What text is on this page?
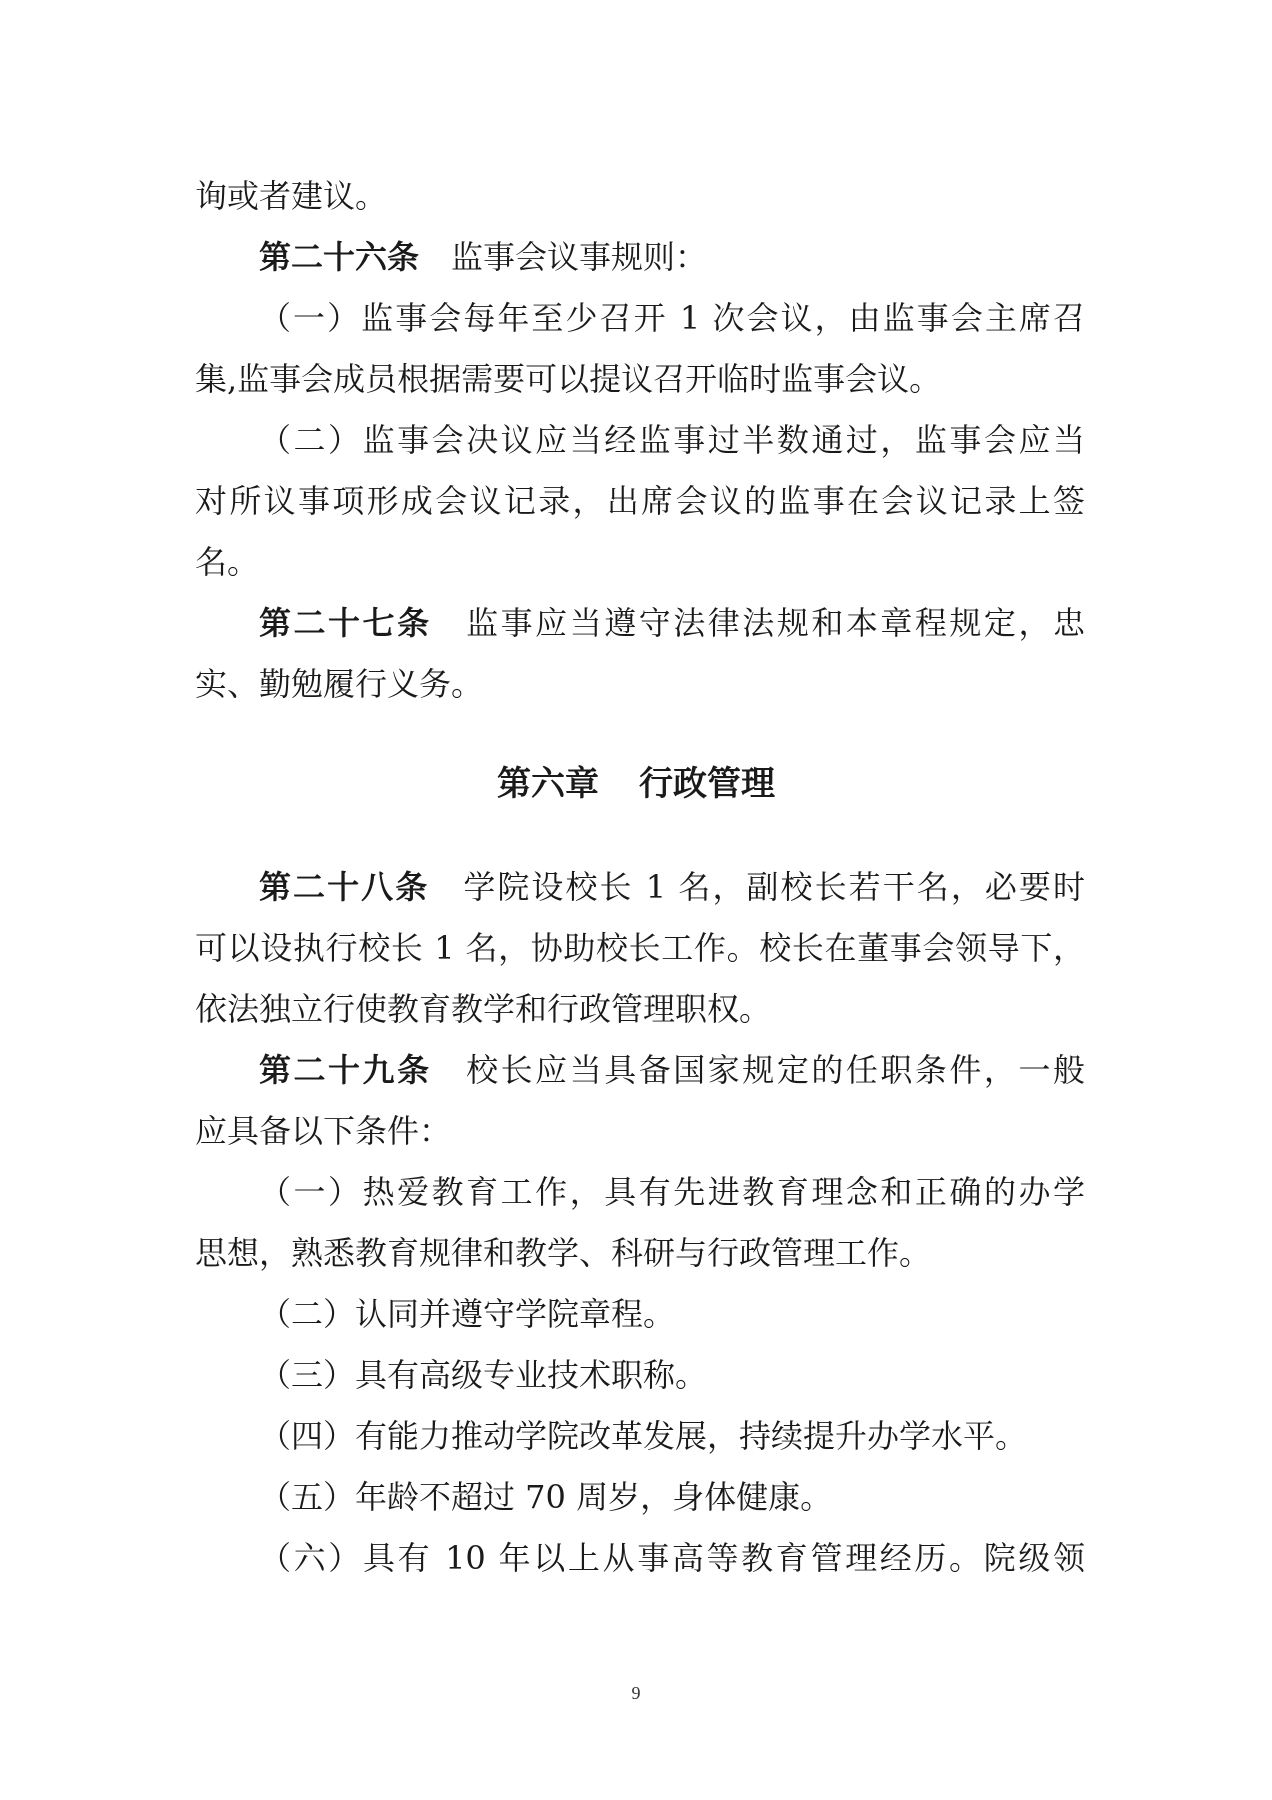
询或者建议。
第二十六条 监事会议事规则：
（一）监事会每年至少召开 1 次会议，由监事会主席召
集,监事会成员根据需要可以提议召开临时监事会议。
（二）监事会决议应当经监事过半数通过，监事会应当
对所议事项形成会议记录，出席会议的监事在会议记录上签
名。
第二十七条 监事应当遵守法律法规和本章程规定，忠
实、勤勉履行义务。
第六章 行政管理
第二十八条 学院设校长 1 名，副校长若干名，必要时
可以设执行校长 1 名，协助校长工作。校长在董事会领导下，
依法独立行使教育教学和行政管理职权。
第二十九条 校长应当具备国家规定的任职条件，一般
应具备以下条件：
（一）热爱教育工作，具有先进教育理念和正确的办学
思想，熟悉教育规律和教学、科研与行政管理工作。
（二）认同并遵守学院章程。
（三）具有高级专业技术职称。
（四）有能力推动学院改革发展，持续提升办学水平。
（五）年龄不超过 70 周岁，身体健康。
（六）具有 10 年以上从事高等教育管理经历。院级领
9
